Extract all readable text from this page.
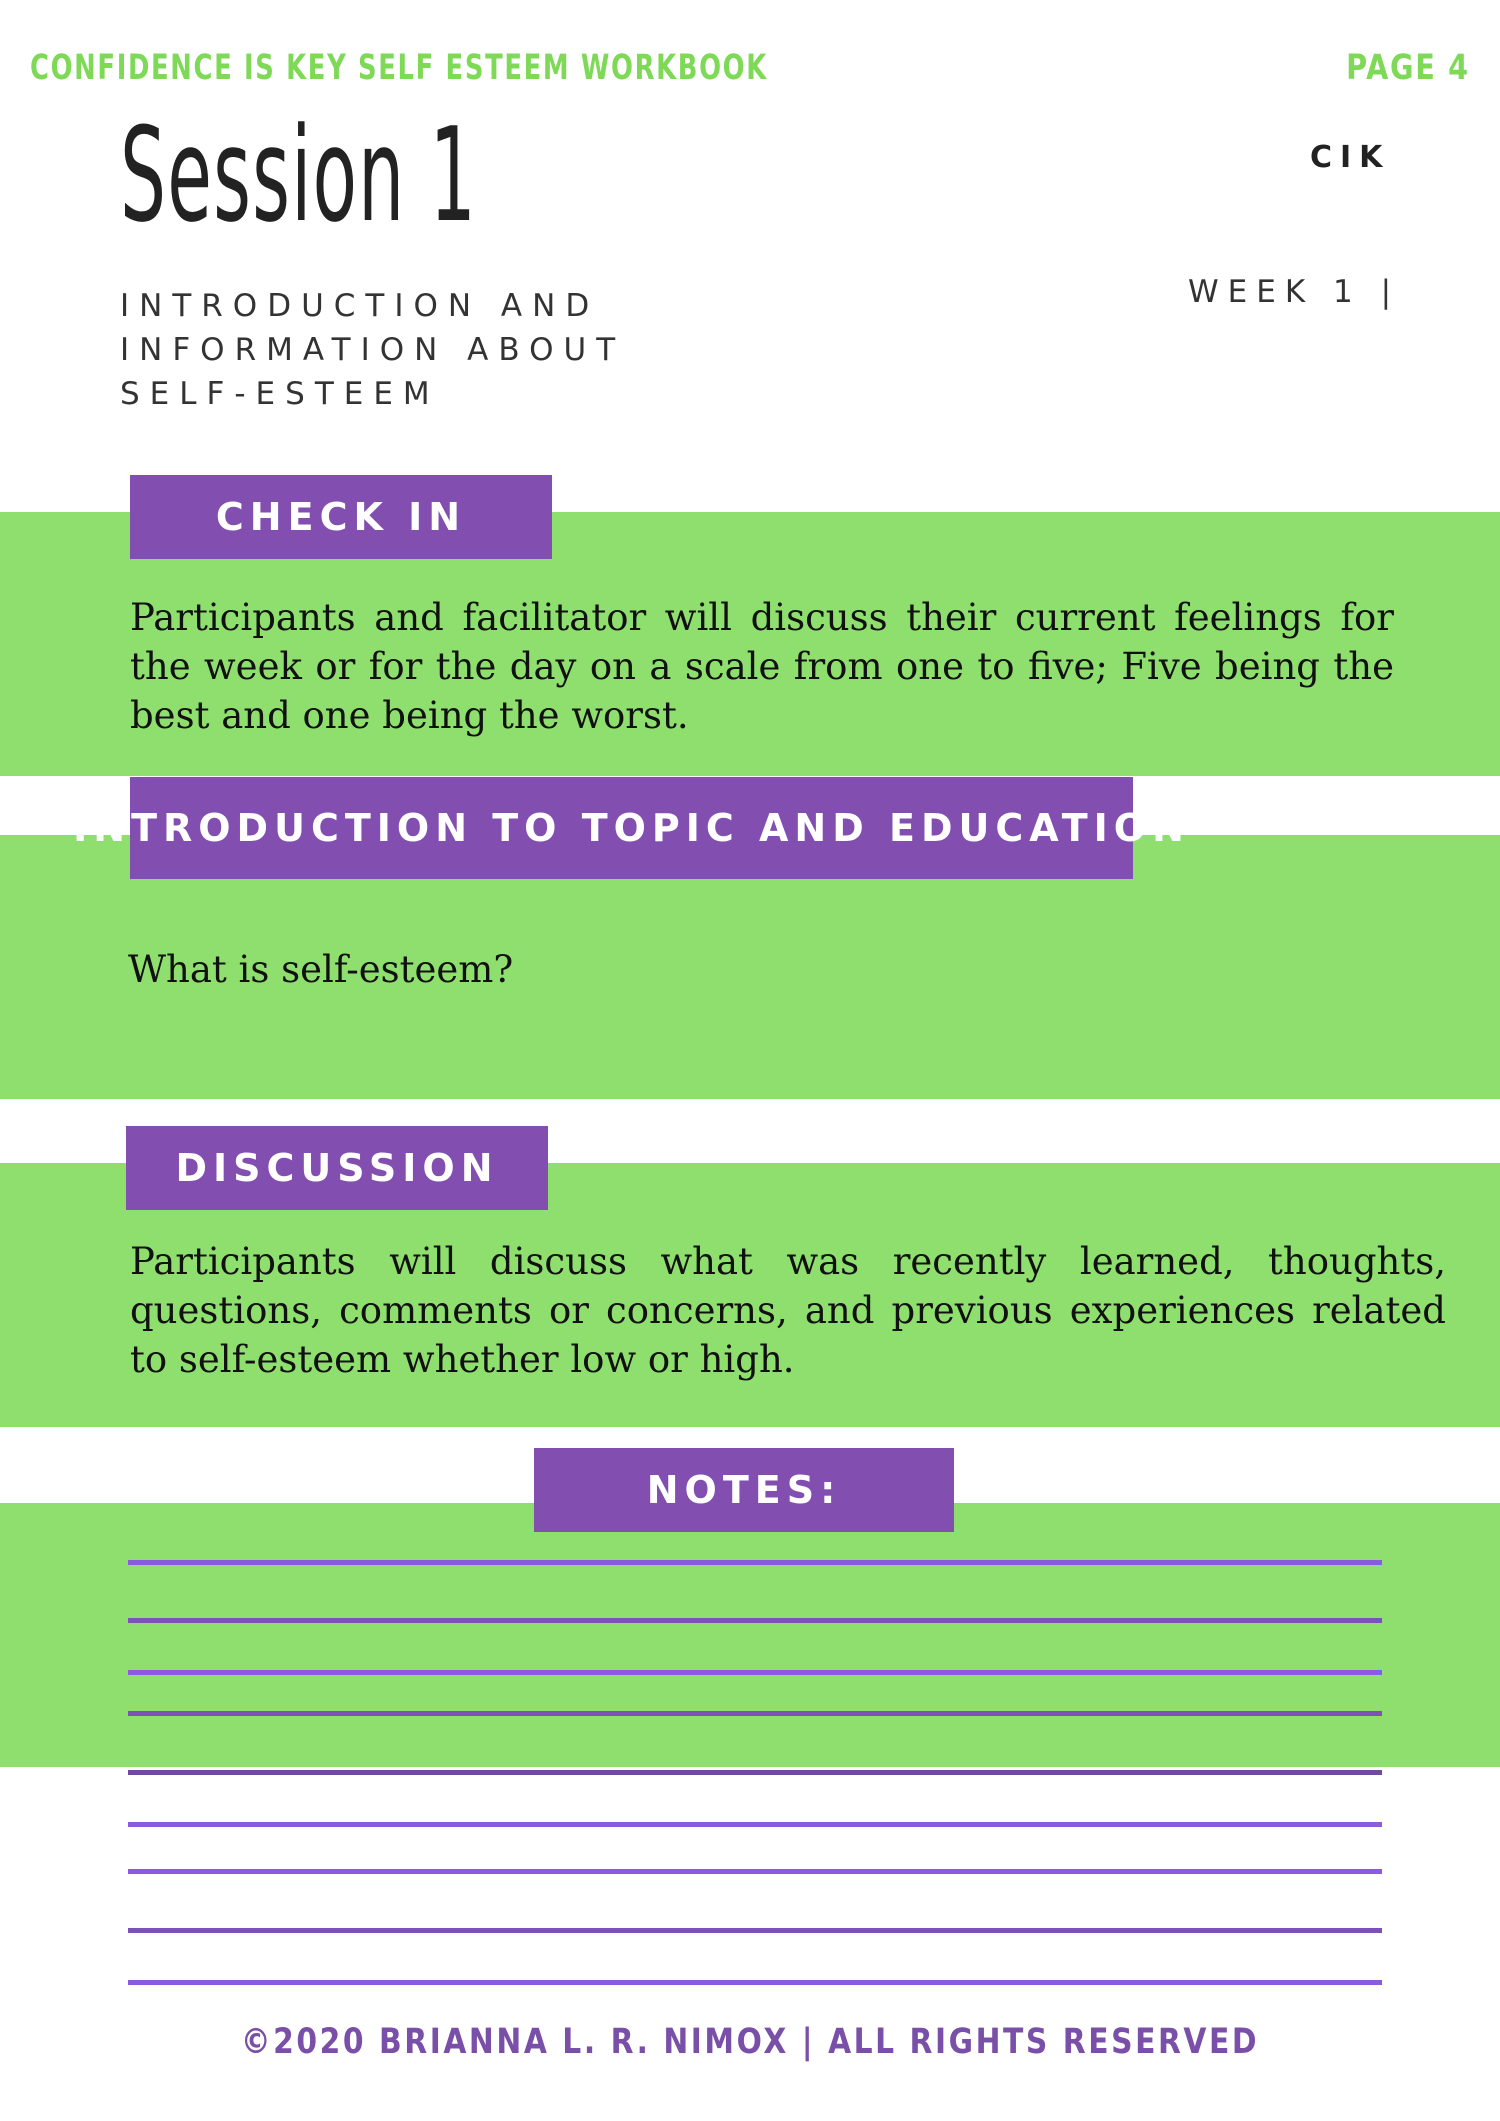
CONFIDENCE IS KEY SELF ESTEEM WORKBOOK	PAGE 4
Session 1
INTRODUCTION AND INFORMATION ABOUT SELF-ESTEEM
CIK
WEEK 1 |
CHECK IN
Participants and facilitator will discuss their current feelings for the week or for the day on a scale from one to five; Five being the best and one being the worst.
INTRODUCTION TO TOPIC AND EDUCATION
What is self-esteem?
DISCUSSION
Participants will discuss what was recently learned, thoughts, questions, comments or concerns, and previous experiences related to self-esteem whether low or high.
NOTES:
©2020 BRIANNA L. R. NIMOX | ALL RIGHTS RESERVED
